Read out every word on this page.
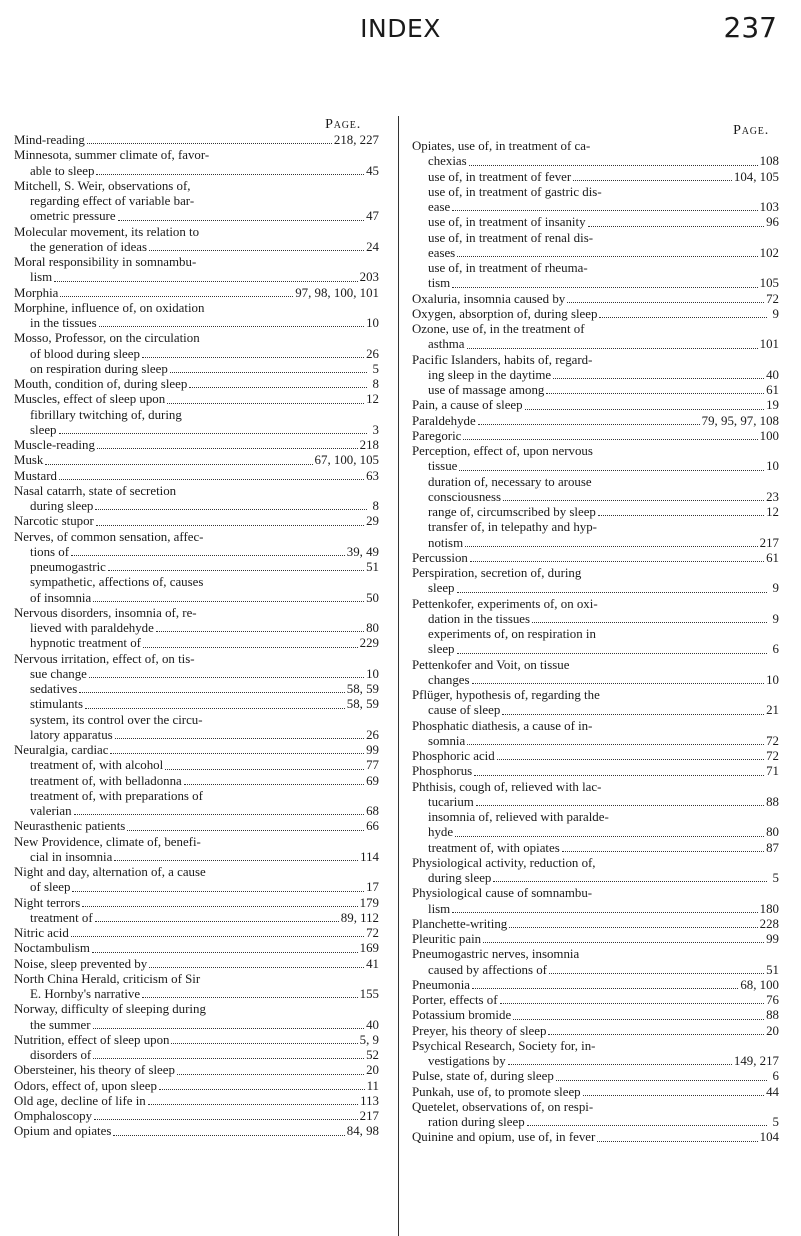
INDEX	237
Page.
Mind-reading	218, 227
Minnesota, summer climate of, favor-
able to sleep	45
Mitchell, S. Weir, observations of,
regarding effect of variable bar-
ometric pressure	47
Molecular movement, its relation to
the generation of ideas	24
Moral responsibility in somnambu-
lism	203
Morphia	97, 98, 100, 101
Morphine, influence of, on oxidation
in the tissues	10
Mosso, Professor, on the circulation
of blood during sleep	26
on respiration during sleep	5
Mouth, condition of, during sleep	8
Muscles, effect of sleep upon	12
fibrillary twitching of, during
sleep	3
Muscle-reading	218
Musk	67, 100, 105
Mustard	63
Nasal catarrh, state of secretion
during sleep	8
Narcotic stupor	29
Nerves, of common sensation, affec-
tions of	39, 49
pneumogastric	51
sympathetic, affections of, causes
of insomnia	50
Nervous disorders, insomnia of, re-
lieved with paraldehyde	80
hypnotic treatment of	229
Nervous irritation, effect of, on tis-
sue change	10
sedatives	58, 59
stimulants	58, 59
system, its control over the circu-
latory apparatus	26
Neuralgia, cardiac	99
treatment of, with alcohol	77
treatment of, with belladonna	69
treatment of, with preparations of
valerian	68
Neurasthenic patients	66
New Providence, climate of, benefi-
cial in insomnia	114
Night and day, alternation of, a cause
of sleep	17
Night terrors	179
treatment of	89, 112
Nitric acid	72
Noctambulism	169
Noise, sleep prevented by	41
North China Herald, criticism of Sir
E. Hornby's narrative	155
Norway, difficulty of sleeping during
the summer	40
Nutrition, effect of sleep upon	5, 9
disorders of	52
Obersteiner, his theory of sleep	20
Odors, effect of, upon sleep	11
Old age, decline of life in	113
Omphaloscopy	217
Opium and opiates	84, 98
Page.
Opiates, use of, in treatment of ca-
chexias	108
use of, in treatment of fever	104, 105
use of, in treatment of gastric dis-
ease	103
use of, in treatment of insanity	96
use of, in treatment of renal dis-
eases	102
use of, in treatment of rheuma-
tism	105
Oxaluria, insomnia caused by	72
Oxygen, absorption of, during sleep	9
Ozone, use of, in the treatment of
asthma	101
Pacific Islanders, habits of, regard-
ing sleep in the daytime	40
use of massage among	61
Pain, a cause of sleep	19
Paraldehyde	79, 95, 97, 108
Paregoric	100
Perception, effect of, upon nervous
tissue	10
duration of, necessary to arouse
consciousness	23
range of, circumscribed by sleep	12
transfer of, in telepathy and hyp-
notism	217
Percussion	61
Perspiration, secretion of, during
sleep	9
Pettenkofer, experiments of, on oxi-
dation in the tissues	9
experiments of, on respiration in
sleep	6
Pettenkofer and Voit, on tissue
changes	10
Pflüger, hypothesis of, regarding the
cause of sleep	21
Phosphatic diathesis, a cause of in-
somnia	72
Phosphoric acid	72
Phosphorus	71
Phthisis, cough of, relieved with lac-
tucarium	88
insomnia of, relieved with paralde-
hyde	80
treatment of, with opiates	87
Physiological activity, reduction of,
during sleep	5
Physiological cause of somnambu-
lism	180
Planchette-writing	228
Pleuritic pain	99
Pneumogastric nerves, insomnia
caused by affections of	51
Pneumonia	68, 100
Porter, effects of	76
Potassium bromide	88
Preyer, his theory of sleep	20
Psychical Research, Society for, in-
vestigations by	149, 217
Pulse, state of, during sleep	6
Punkah, use of, to promote sleep	44
Quetelet, observations of, on respi-
ration during sleep	5
Quinine and opium, use of, in fever	104
